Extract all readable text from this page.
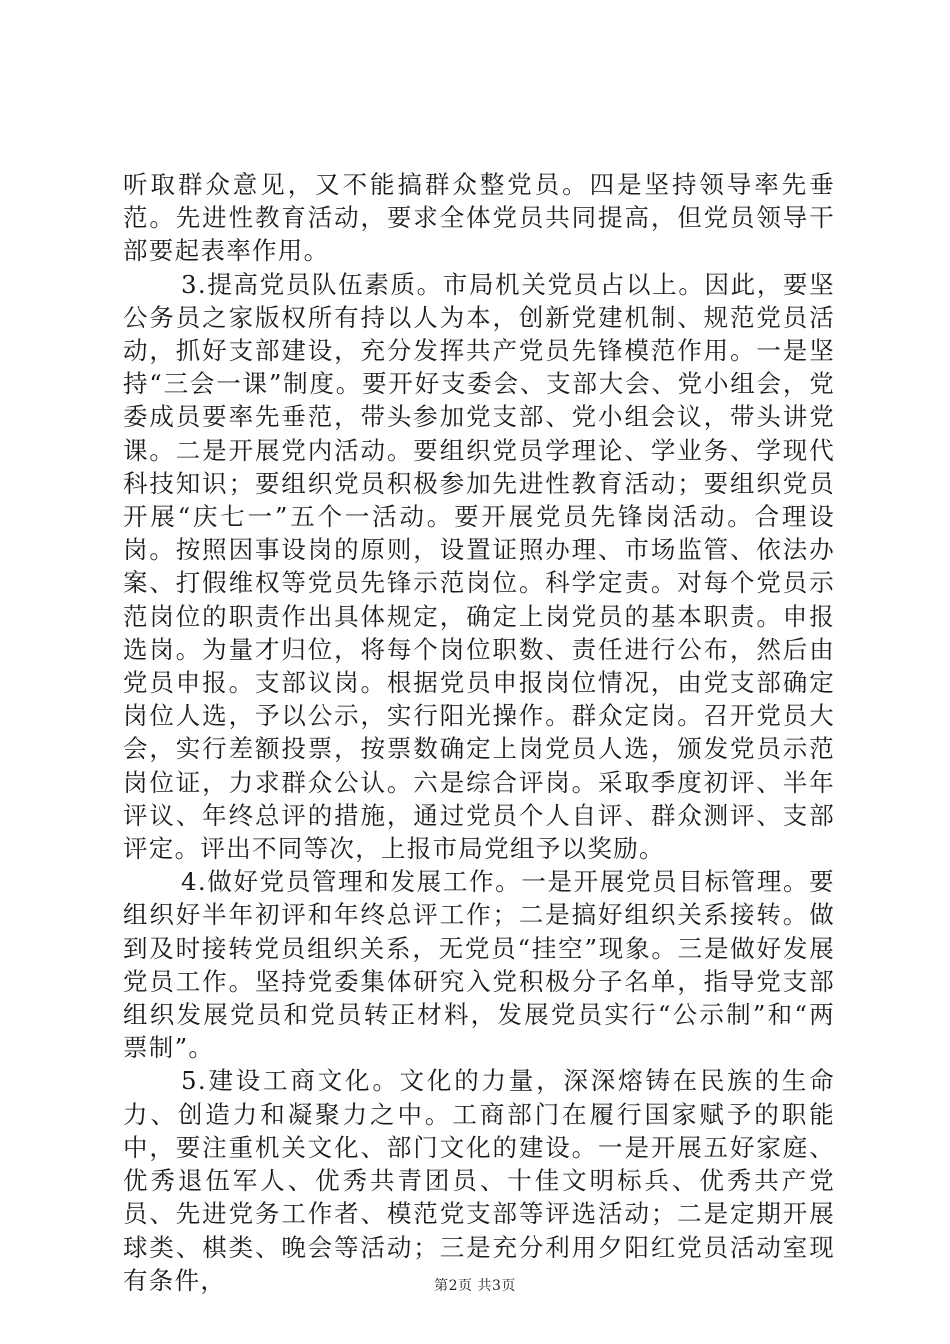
听取群众意见，又不能搞群众整党员。四是坚持领导率先垂范。先进性教育活动，要求全体党员共同提高，但党员领导干部要起表率作用。

3.提高党员队伍素质。市局机关党员占以上。因此，要坚公务员之家版权所有持以人为本，创新党建机制、规范党员活动，抓好支部建设，充分发挥共产党员先锋模范作用。一是坚持“三会一课”制度。要开好支委会、支部大会、党小组会，党委成员要率先垂范，带头参加党支部、党小组会议，带头讲党课。二是开展党内活动。要组织党员学理论、学业务、学现代科技知识；要组织党员积极参加先进性教育活动；要组织党员开展“庆七一”五个一活动。要开展党员先锋岗活动。合理设岗。按照因事设岗的原则，设置证照办理、市场监管、依法办案、打假维权等党员先锋示范岗位。科学定责。对每个党员示范岗位的职责作出具体规定，确定上岗党员的基本职责。申报选岗。为量才归位，将每个岗位职数、责任进行公布，然后由党员申报。支部议岗。根据党员申报岗位情况，由党支部确定岗位人选，予以公示，实行阳光操作。群众定岗。召开党员大会，实行差额投票，按票数确定上岗党员人选，颁发党员示范岗位证，力求群众公认。六是综合评岗。采取季度初评、半年评议、年终总评的措施，通过党员个人自评、群众测评、支部评定。评出不同等次，上报市局党组予以奖励。

4.做好党员管理和发展工作。一是开展党员目标管理。要组织好半年初评和年终总评工作；二是搞好组织关系接转。做到及时接转党员组织关系，无党员“挂空”现象。三是做好发展党员工作。坚持党委集体研究入党积极分子名单，指导党支部组织发展党员和党员转正材料，发展党员实行“公示制”和“两票制”。

5.建设工商文化。文化的力量，深深熔铸在民族的生命力、创造力和凝聚力之中。工商部门在履行国家赋予的职能中，要注重机关文化、部门文化的建设。一是开展五好家庭、优秀退伍军人、优秀共青团员、十佳文明标兵、优秀共产党员、先进党务工作者、模范党支部等评选活动；二是定期开展球类、棋类、晚会等活动；三是充分利用夕阳红党员活动室现有条件，	第2页 共3页
